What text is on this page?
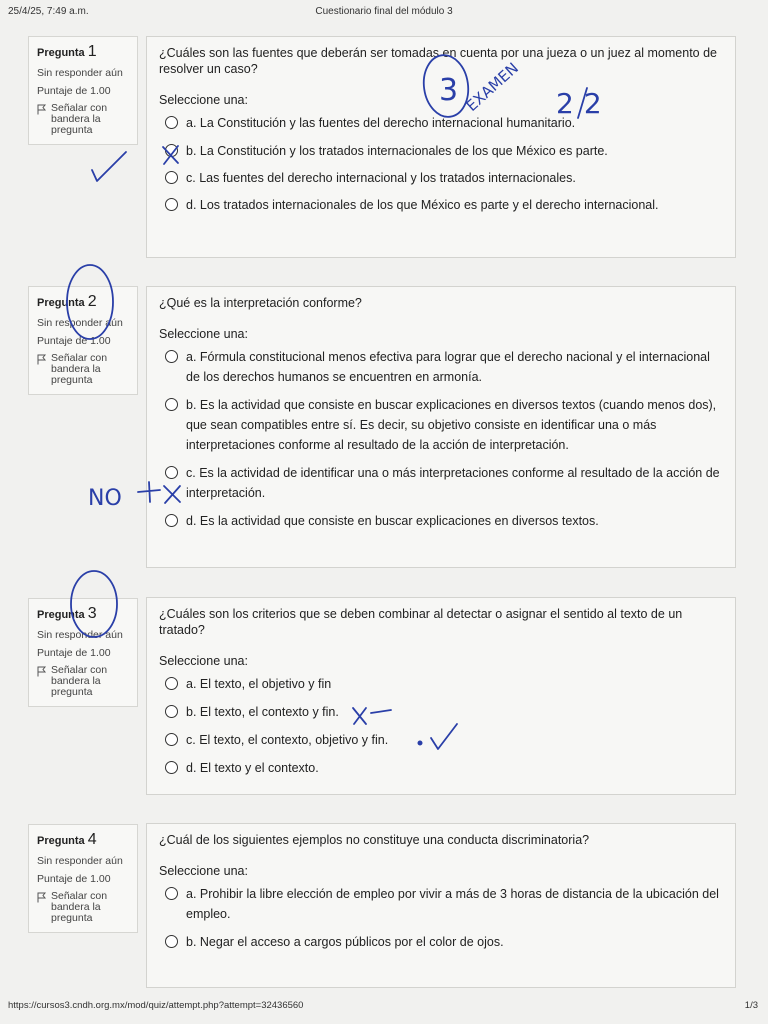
25/4/25, 7:49 a.m.	Cuestionario final del módulo 3
Pregunta 1
Sin responder aún
Puntaje de 1.00
Señalar con bandera la pregunta
¿Cuáles son las fuentes que deberán ser tomadas en cuenta por una jueza o un juez al momento de resolver un caso?
Seleccione una:
a. La Constitución y las fuentes del derecho internacional humanitario.
b. La Constitución y los tratados internacionales de los que México es parte.
c. Las fuentes del derecho internacional y los tratados internacionales.
d. Los tratados internacionales de los que México es parte y el derecho internacional.
Pregunta 2
Sin responder aún
Puntaje de 1.00
Señalar con bandera la pregunta
¿Qué es la interpretación conforme?
Seleccione una:
a. Fórmula constitucional menos efectiva para lograr que el derecho nacional y el internacional de los derechos humanos se encuentren en armonía.
b. Es la actividad que consiste en buscar explicaciones en diversos textos (cuando menos dos), que sean compatibles entre sí. Es decir, su objetivo consiste en identificar una o más interpretaciones conforme al resultado de la acción de interpretación.
c. Es la actividad de identificar una o más interpretaciones conforme al resultado de la acción de interpretación.
d. Es la actividad que consiste en buscar explicaciones en diversos textos.
Pregunta 3
Sin responder aún
Puntaje de 1.00
Señalar con bandera la pregunta
¿Cuáles son los criterios que se deben combinar al detectar o asignar el sentido al texto de un tratado?
Seleccione una:
a. El texto, el objetivo y fin
b. El texto, el contexto y fin.
c. El texto, el contexto, objetivo y fin.
d. El texto y el contexto.
Pregunta 4
Sin responder aún
Puntaje de 1.00
Señalar con bandera la pregunta
¿Cuál de los siguientes ejemplos no constituye una conducta discriminatoria?
Seleccione una:
a. Prohibir la libre elección de empleo por vivir a más de 3 horas de distancia de la ubicación del empleo.
b. Negar el acceso a cargos públicos por el color de ojos.
3 EXAMEN 2 2
NO
https://cursos3.cndh.org.mx/mod/quiz/attempt.php?attempt=32436560	1/3
